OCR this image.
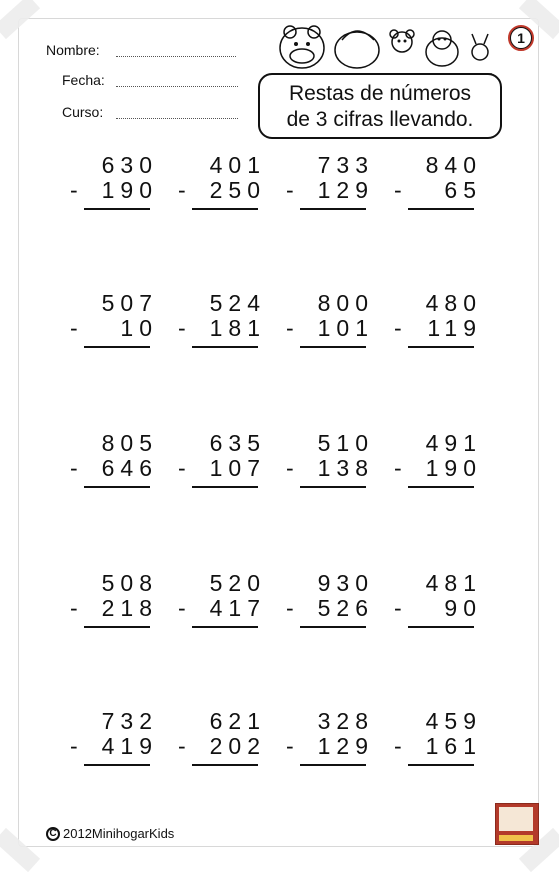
Nombre:
Fecha:
Curso:
Restas de números
de 3 cifras llevando.
1
630
- 190
401
- 250
733
- 129
840
- 65
507
- 10
524
- 181
800
- 101
480
- 119
805
- 646
635
- 107
510
- 138
491
- 190
508
- 218
520
- 417
930
- 526
481
- 90
732
- 419
621
- 202
328
- 129
459
- 161
C 2012MinihogarKids
